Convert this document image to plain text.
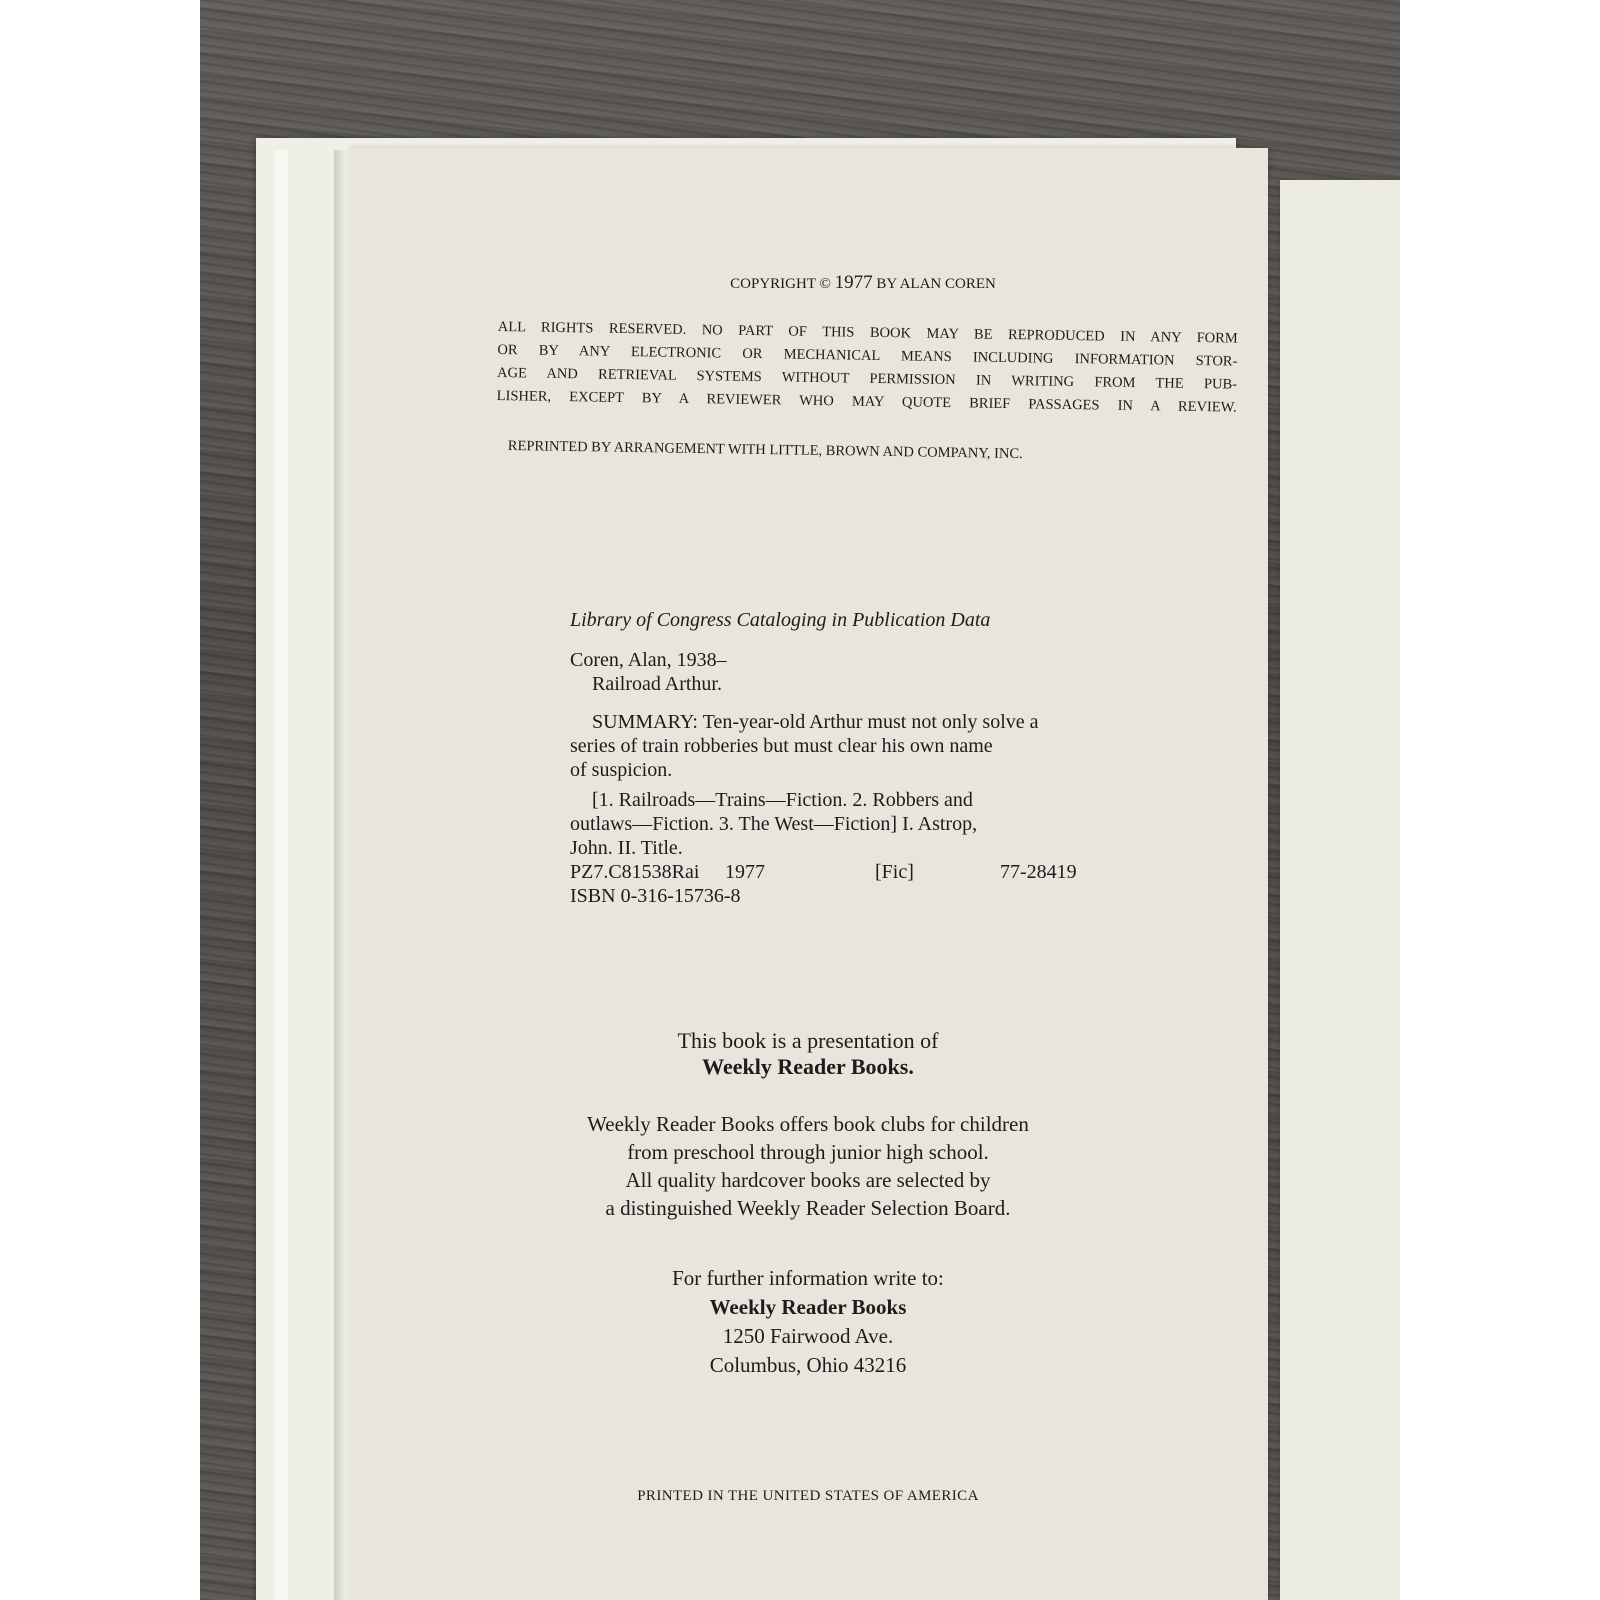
COPYRIGHT © 1977 BY ALAN COREN
ALL RIGHTS RESERVED. NO PART OF THIS BOOK MAY BE REPRODUCED IN ANY FORM
OR BY ANY ELECTRONIC OR MECHANICAL MEANS INCLUDING INFORMATION STOR-
AGE AND RETRIEVAL SYSTEMS WITHOUT PERMISSION IN WRITING FROM THE PUB-
LISHER, EXCEPT BY A REVIEWER WHO MAY QUOTE BRIEF PASSAGES IN A REVIEW.
REPRINTED BY ARRANGEMENT WITH LITTLE, BROWN AND COMPANY, INC.

Library of Congress Cataloging in Publication Data

Coren, Alan, 1938–

Railroad Arthur.

SUMMARY: Ten-year-old Arthur must not only solve a

series of train robberies but must clear his own name

of suspicion.

[1. Railroads—Trains—Fiction. 2. Robbers and

outlaws—Fiction. 3. The West—Fiction] I. Astrop,

John. II. Title.

PZ7.C81538Rai	1977	[Fic]	77-28419

ISBN 0-316-15736-8

This book is a presentation of

Weekly Reader Books.

Weekly Reader Books offers book clubs for children

from preschool through junior high school.

All quality hardcover books are selected by

a distinguished Weekly Reader Selection Board.

For further information write to:

Weekly Reader Books

1250 Fairwood Ave.

Columbus, Ohio 43216

PRINTED IN THE UNITED STATES OF AMERICA
